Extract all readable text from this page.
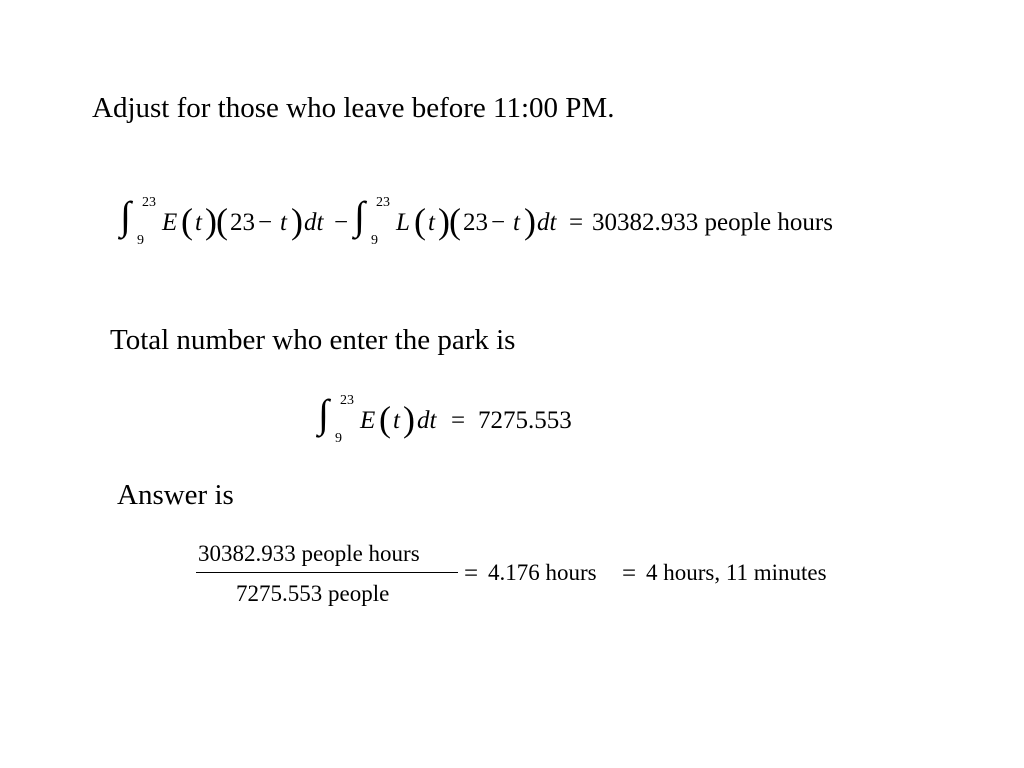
Adjust for those who leave before 11:00 PM.
∫ 23
9
E ( t ) ( 23 − t ) dt − ∫ 23
9
L ( t ) ( 23 − t ) dt = 30382.933 people hours
Total number who enter the park is
∫ 23
9
E ( t ) dt = 7275.553
Answer is
30382.933 people hours
7275.553 people
= 4.176 hours = 4 hours, 11 minutes
